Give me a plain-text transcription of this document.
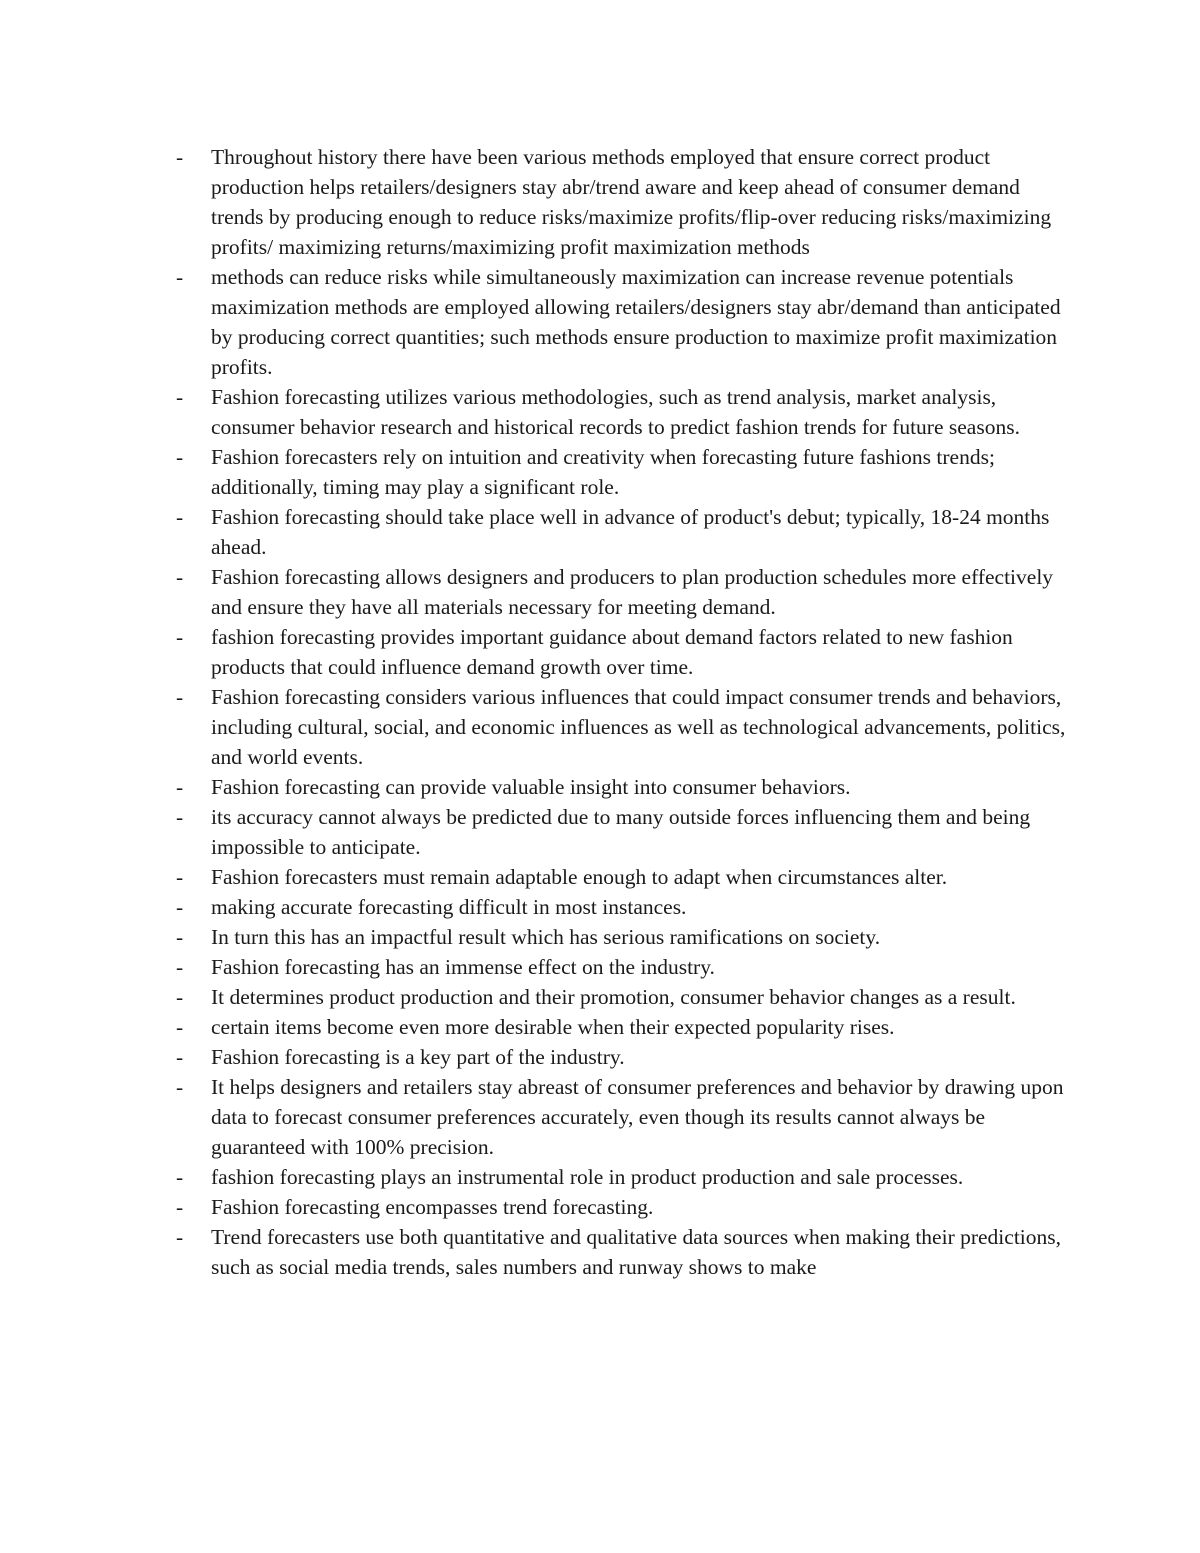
-	Throughout history there have been various methods employed that ensure correct product production helps retailers/designers stay abr/trend aware and keep ahead of consumer demand trends by producing enough to reduce risks/maximize profits/flip-over reducing risks/maximizing profits/ maximizing returns/maximizing profit maximization methods
-	methods can reduce risks while simultaneously maximization can increase revenue potentials maximization methods are employed allowing retailers/designers stay abr/demand than anticipated by producing correct quantities; such methods ensure production to maximize profit maximization profits.
-	Fashion forecasting utilizes various methodologies, such as trend analysis, market analysis, consumer behavior research and historical records to predict fashion trends for future seasons.
-	Fashion forecasters rely on intuition and creativity when forecasting future fashions trends; additionally, timing may play a significant role.
-	Fashion forecasting should take place well in advance of product's debut; typically, 18-24 months ahead.
-	Fashion forecasting allows designers and producers to plan production schedules more effectively and ensure they have all materials necessary for meeting demand.
-	fashion forecasting provides important guidance about demand factors related to new fashion products that could influence demand growth over time.
-	Fashion forecasting considers various influences that could impact consumer trends and behaviors, including cultural, social, and economic influences as well as technological advancements, politics, and world events.
-	Fashion forecasting can provide valuable insight into consumer behaviors.
-	its accuracy cannot always be predicted due to many outside forces influencing them and being impossible to anticipate.
-	Fashion forecasters must remain adaptable enough to adapt when circumstances alter.
-	making accurate forecasting difficult in most instances.
-	In turn this has an impactful result which has serious ramifications on society.
-	Fashion forecasting has an immense effect on the industry.
-	It determines product production and their promotion, consumer behavior changes as a result.
-	certain items become even more desirable when their expected popularity rises.
-	Fashion forecasting is a key part of the industry.
-	It helps designers and retailers stay abreast of consumer preferences and behavior by drawing upon data to forecast consumer preferences accurately, even though its results cannot always be guaranteed with 100% precision.
-	fashion forecasting plays an instrumental role in product production and sale processes.
-	Fashion forecasting encompasses trend forecasting.
-	Trend forecasters use both quantitative and qualitative data sources when making their predictions, such as social media trends, sales numbers and runway shows to make
